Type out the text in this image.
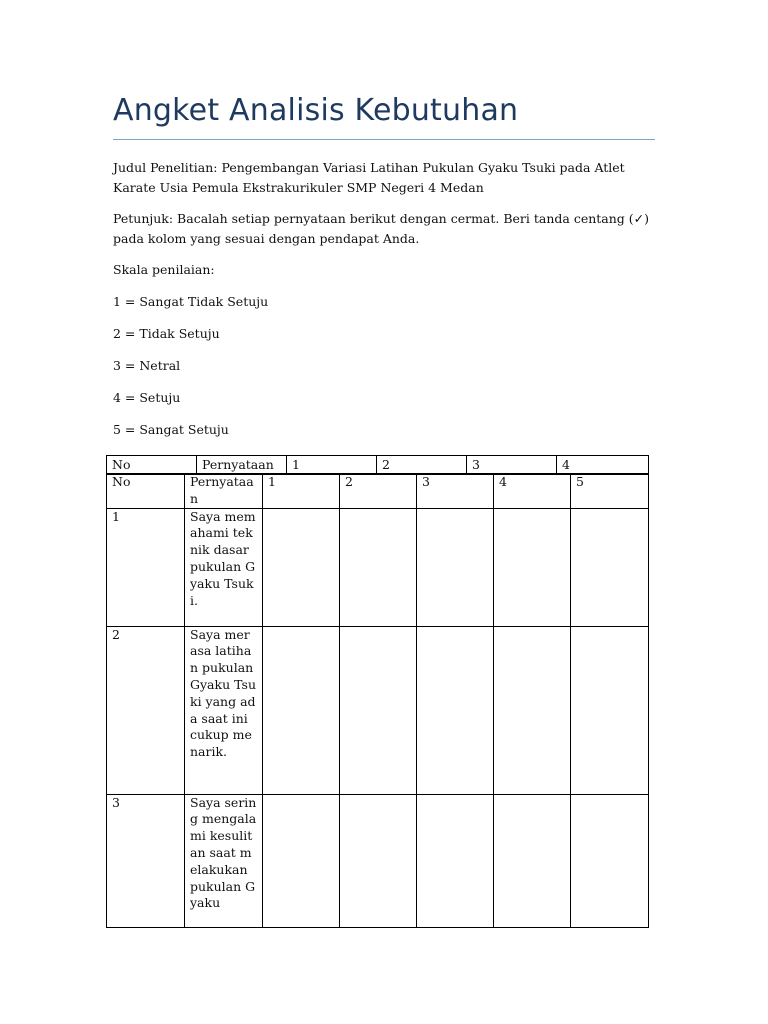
Angket Analisis Kebutuhan
Judul Penelitian: Pengembangan Variasi Latihan Pukulan Gyaku Tsuki pada Atlet Karate Usia Pemula Ekstrakurikuler SMP Negeri 4 Medan
Petunjuk: Bacalah setiap pernyataan berikut dengan cermat. Beri tanda centang (✓) pada kolom yang sesuai dengan pendapat Anda.
Skala penilaian:
1 = Sangat Tidak Setuju
2 = Tidak Setuju
3 = Netral
4 = Setuju
5 = Sangat Setuju
No	Pernyataan	1	2	3	4
No	Pernyataan	1	2	3	4	5
1	Saya memahami teknik dasar pukulan Gyaku Tsuki.					
2	Saya merasa latihan pukulan Gyaku Tsuki yang ada saat ini cukup menarik.					
3	Saya sering mengalami kesulitan saat melakukan pukulan Gyaku					
